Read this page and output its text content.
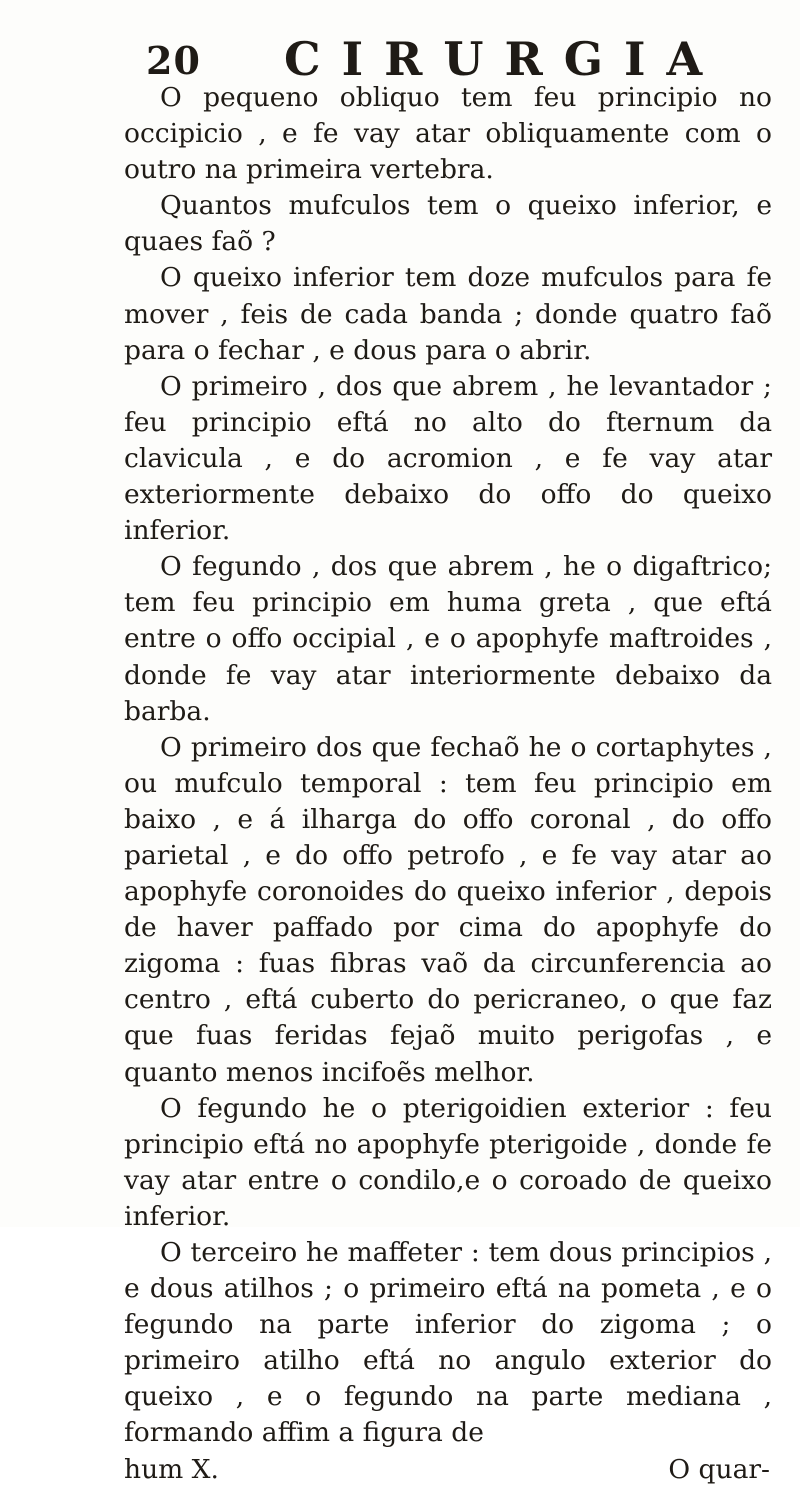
20 CIRURGIA

O pequeno obliquo tem feu principio no occipicio , e fe vay atar obliquamente com o outro na primeira vertebra.

Quantos mufculos tem o queixo inferior, e quaes faõ ?

O queixo inferior tem doze mufculos para fe mover , feis de cada banda ; donde quatro faõ para o fechar , e dous para o abrir.

O primeiro , dos que abrem , he levantador ; feu principio eftá no alto do fternum da clavicula , e do acromion , e fe vay atar exteriormente debaixo do offo do queixo inferior.

O fegundo , dos que abrem , he o digaftrico; tem feu principio em huma greta , que eftá entre o offo occipial , e o apophyfe maftroides , donde fe vay atar interiormente debaixo da barba.

O primeiro dos que fechaõ he o cortaphytes , ou mufculo temporal : tem feu principio em baixo , e á ilharga do offo coronal , do offo parietal , e do offo petrofo , e fe vay atar ao apophyfe coronoides do queixo inferior , depois de haver paffado por cima do apophyfe do zigoma : fuas fibras vaõ da circunferencia ao centro , eftá cuberto do pericraneo, o que faz que fuas feridas fejaõ muito perigofas , e quanto menos incifoẽs melhor.

O fegundo he o pterigoidien exterior : feu principio eftá no apophyfe pterigoide , donde fe vay atar entre o condilo,e o coroado de queixo inferior.

O terceiro he maffeter : tem dous principios , e dous atilhos ; o primeiro eftá na pometa , e o fegundo na parte inferior do zigoma ; o primeiro atilho eftá no angulo exterior do queixo , e o fegundo na parte mediana , formando affim a figura de

hum X.	O quar-
